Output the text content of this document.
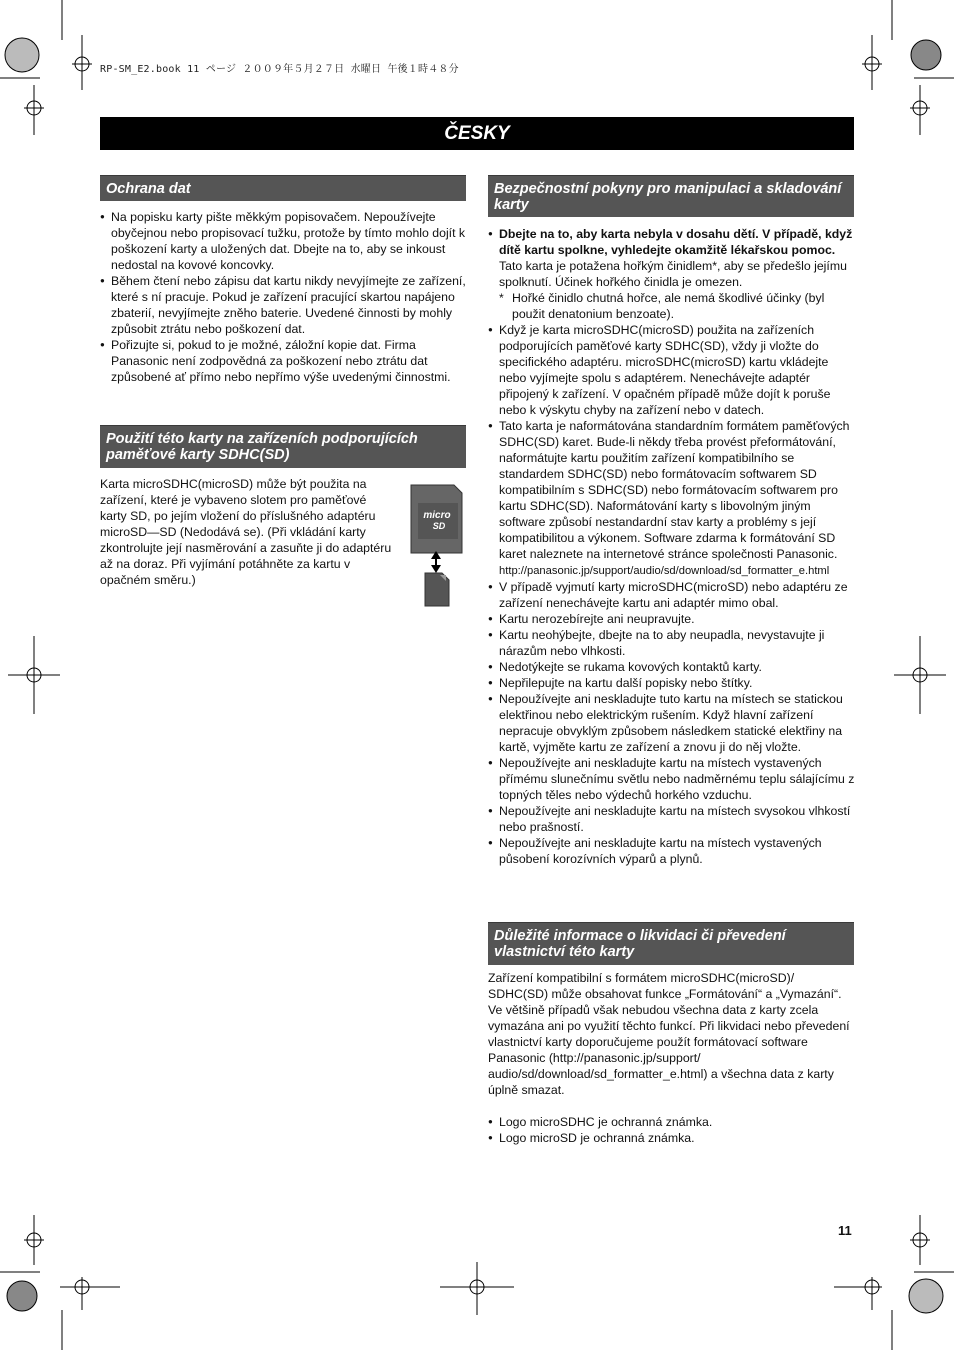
RP-SM_E2.book 11 ページ ２００９年５月２７日 水曜日 午後１時４８分
ČESKY
Ochrana dat
● Na popisku karty pište měkkým popisovačem. Nepoužívejte obyčejnou nebo propisovací tužku, protože by tímto mohlo dojít k poškození karty a uložených dat. Dbejte na to, aby se inkoust nedostal na kovové koncovky.
● Během čtení nebo zápisu dat kartu nikdy nevyjímejte ze zařízení, které s ní pracuje. Pokud je zařízení pracující skartou napájeno zbaterií, nevyjímejte zněho baterie. Uvedené činnosti by mohly způsobit ztrátu nebo poškození dat.
● Pořizujte si, pokud to je možné, záložní kopie dat. Firma Panasonic není zodpovědná za poškození nebo ztrátu dat způsobené ať přímo nebo nepřímo výše uvedenými činnostmi.
Použití této karty na zařízeních podporujících paměťové karty SDHC(SD)

Karta microSDHC(microSD) může být použita na zařízení, které je vybaveno slotem pro paměťové karty SD, po jejím vložení do příslušného adaptéru microSD—SD (Nedodává se). (Při vkládání karty zkontrolujte její nasměrování a zasuňte ji do adaptéru až na doraz. Při vyjímání potáhněte za kartu v opačném směru.)

micro
SD
Bezpečnostní pokyny pro manipulaci a skladování karty
● Dbejte na to, aby karta nebyla v dosahu dětí. V případě, když dítě kartu spolkne, vyhledejte okamžitě lékařskou pomoc.
Tato karta je potažena hořkým činidlem*, aby se předešlo jejímu spolknutí. Účinek hořkého činidla je omezen.
* Hořké činidlo chutná hořce, ale nemá škodlivé účinky (byl použit denatonium benzoate).
● Když je karta microSDHC(microSD) použita na zařízeních podporujících paměťové karty SDHC(SD), vždy ji vložte do specifického adaptéru. microSDHC(microSD) kartu vkládejte nebo vyjímejte spolu s adaptérem. Nenechávejte adaptér připojený k zařízení. V opačném případě může dojít k poruše nebo k výskytu chyby na zařízení nebo v datech.
● Tato karta je naformátována standardním formátem paměťových SDHC(SD) karet. Bude-li někdy třeba provést přeformátování, naformátujte kartu použitím zařízení kompatibilního se standardem SDHC(SD) nebo formátovacím softwarem SD kompatibilním s SDHC(SD) nebo formátovacím softwarem pro kartu SDHC(SD). Naformátování karty s libovolným jiným software způsobí nestandardní stav karty a problémy s její kompatibilitou a výkonem. Software zdarma k formátování SD karet naleznete na internetové stránce společnosti Panasonic.
http://panasonic.jp/support/audio/sd/download/sd_formatter_e.html
● V případě vyjmutí karty microSDHC(microSD) nebo adaptéru ze zařízení nenechávejte kartu ani adaptér mimo obal.
● Kartu nerozebírejte ani neupravujte.
● Kartu neohýbejte, dbejte na to aby neupadla, nevystavujte ji nárazům nebo vlhkosti.
● Nedotýkejte se rukama kovových kontaktů karty.
● Nepřilepujte na kartu další popisky nebo štítky.
● Nepoužívejte ani neskladujte tuto kartu na místech se statickou elektřinou nebo elektrickým rušením. Když hlavní zařízení nepracuje obvyklým způsobem následkem statické elektřiny na kartě, vyjměte kartu ze zařízení a znovu ji do něj vložte.
● Nepoužívejte ani neskladujte kartu na místech vystavených přímému slunečnímu světlu nebo nadměrnému teplu sálajícímu z topných těles nebo výdechů horkého vzduchu.
● Nepoužívejte ani neskladujte kartu na místech svysokou vlhkostí nebo prašností.
● Nepoužívejte ani neskladujte kartu na místech vystavených působení korozívních výparů a plynů.
Důležité informace o likvidaci či převedení vlastnictví této karty

Zařízení kompatibilní s formátem microSDHC(microSD)/ SDHC(SD) může obsahovat funkce „Formátování“ a „Vymazání“. Ve většině případů však nebudou všechna data z karty zcela vymazána ani po využití těchto funkcí. Při likvidaci nebo převedení vlastnictví karty doporučujeme použít formátovací software Panasonic (http://panasonic.jp/support/ audio/sd/download/sd_formatter_e.html) a všechna data z karty úplně smazat.

● Logo microSDHC je ochranná známka.
● Logo microSD je ochranná známka.
11
